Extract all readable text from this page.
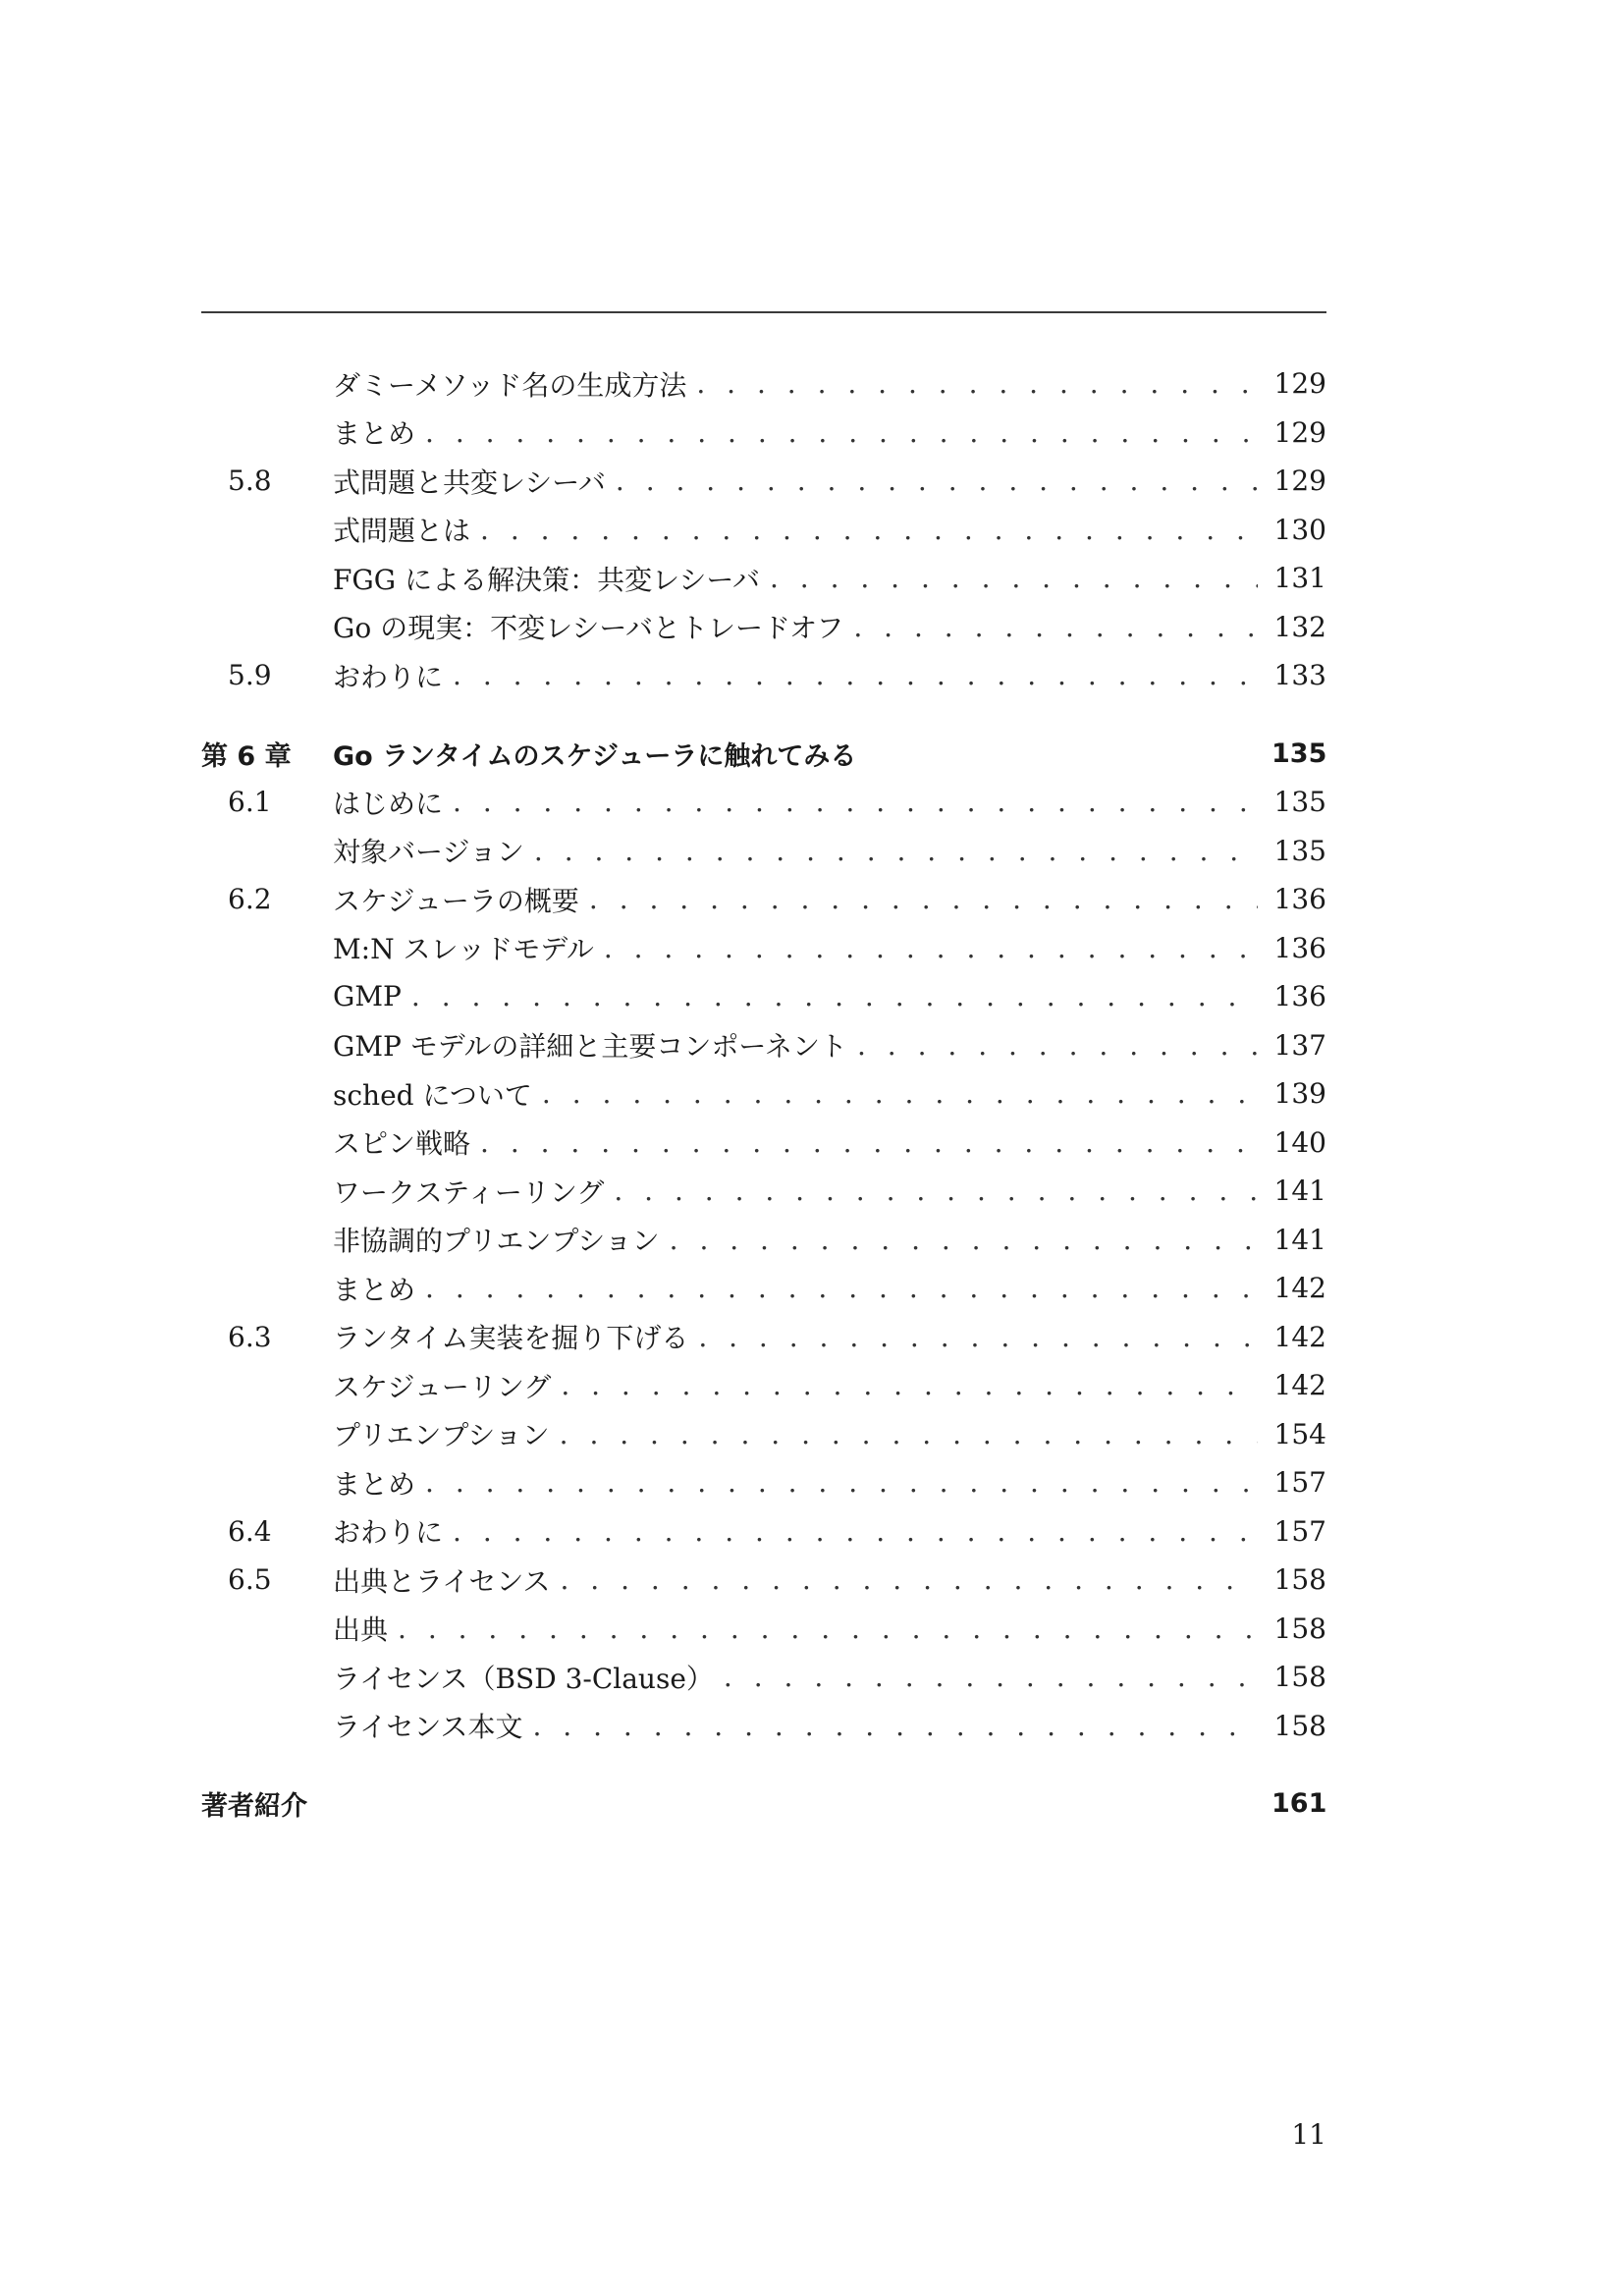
ダミーメソッド名の生成方法 . . .	129
まとめ . . .	129
5.8	式問題と共変レシーバ . . .	129
式問題とは . . .	130
FGG による解決策：共変レシーバ . . .	131
Go の現実：不変レシーバとトレードオフ . . .	132
5.9	おわりに . . .	133
第 6 章	Go ランタイムのスケジューラに触れてみる	135
6.1	はじめに . . .	135
対象バージョン . . .	135
6.2	スケジューラの概要 . . .	136
M:N スレッドモデル . . .	136
GMP . . .	136
GMP モデルの詳細と主要コンポーネント . . .	137
sched について . . .	139
スピン戦略 . . .	140
ワークスティーリング . . .	141
非協調的プリエンプション . . .	141
まとめ . . .	142
6.3	ランタイム実装を掘り下げる . . .	142
スケジューリング . . .	142
プリエンプション . . .	154
まとめ . . .	157
6.4	おわりに . . .	157
6.5	出典とライセンス . . .	158
出典 . . .	158
ライセンス（BSD 3-Clause） . . .	158
ライセンス本文 . . .	158
著者紹介	161
11
